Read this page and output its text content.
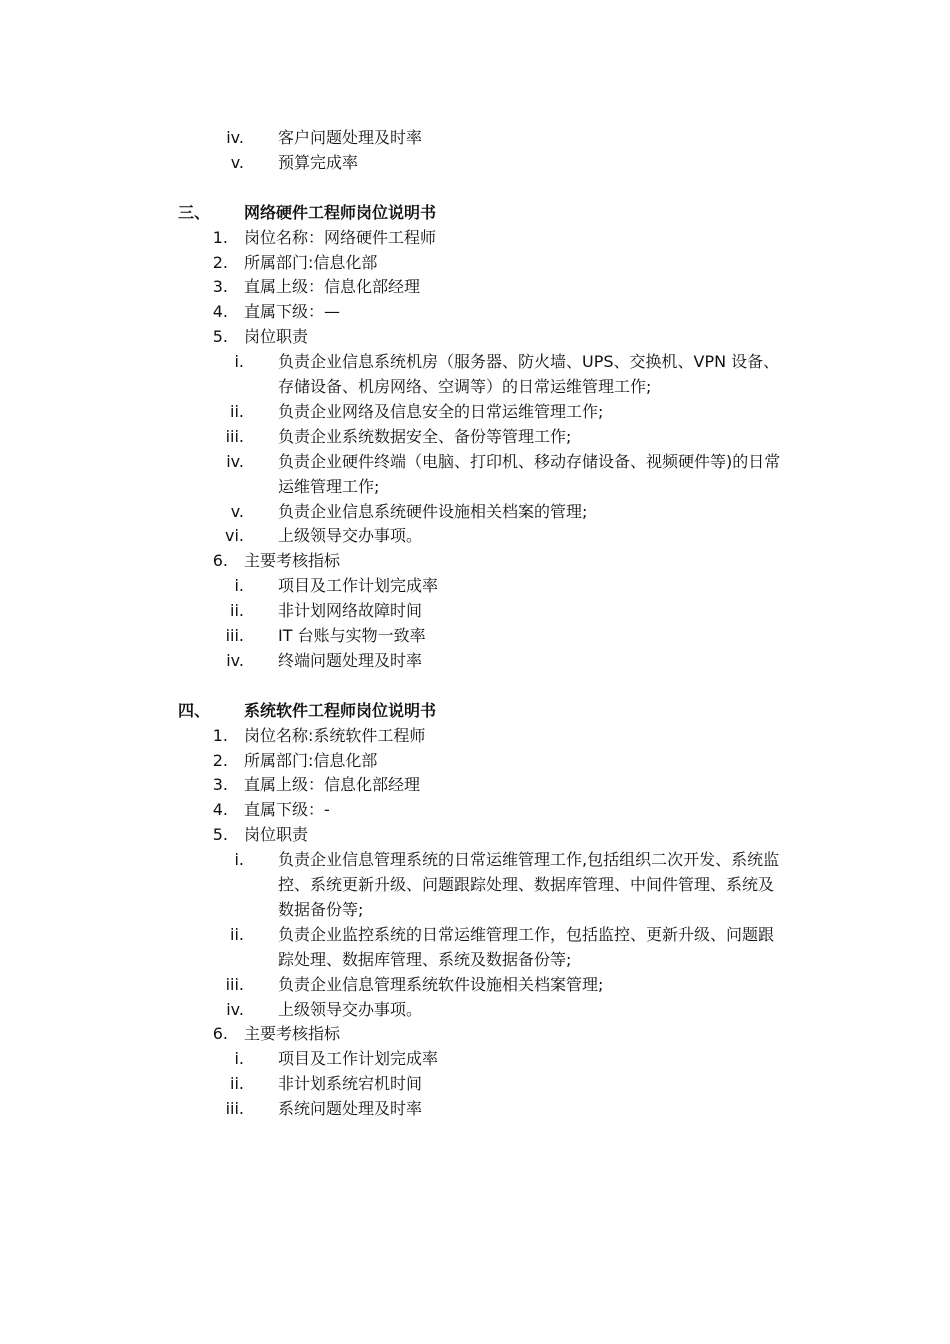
iv. 客户问题处理及时率
v. 预算完成率
三、 网络硬件工程师岗位说明书
1. 岗位名称：网络硬件工程师
2. 所属部门:信息化部
3. 直属上级：信息化部经理
4. 直属下级：—
5. 岗位职责
i. 负责企业信息系统机房（服务器、防火墙、UPS、交换机、VPN 设备、
存储设备、机房网络、空调等）的日常运维管理工作;
ii. 负责企业网络及信息安全的日常运维管理工作;
iii. 负责企业系统数据安全、备份等管理工作;
iv. 负责企业硬件终端（电脑、打印机、移动存储设备、视频硬件等)的日常
运维管理工作;
v. 负责企业信息系统硬件设施相关档案的管理;
vi. 上级领导交办事项。
6. 主要考核指标
i. 项目及工作计划完成率
ii. 非计划网络故障时间
iii. IT 台账与实物一致率
iv. 终端问题处理及时率
四、 系统软件工程师岗位说明书
1. 岗位名称:系统软件工程师
2. 所属部门:信息化部
3. 直属上级：信息化部经理
4. 直属下级：-
5. 岗位职责
i. 负责企业信息管理系统的日常运维管理工作,包括组织二次开发、系统监
控、系统更新升级、问题跟踪处理、数据库管理、中间件管理、系统及
数据备份等;
ii. 负责企业监控系统的日常运维管理工作，包括监控、更新升级、问题跟
踪处理、数据库管理、系统及数据备份等;
iii. 负责企业信息管理系统软件设施相关档案管理;
iv. 上级领导交办事项。
6. 主要考核指标
i. 项目及工作计划完成率
ii. 非计划系统宕机时间
iii. 系统问题处理及时率
